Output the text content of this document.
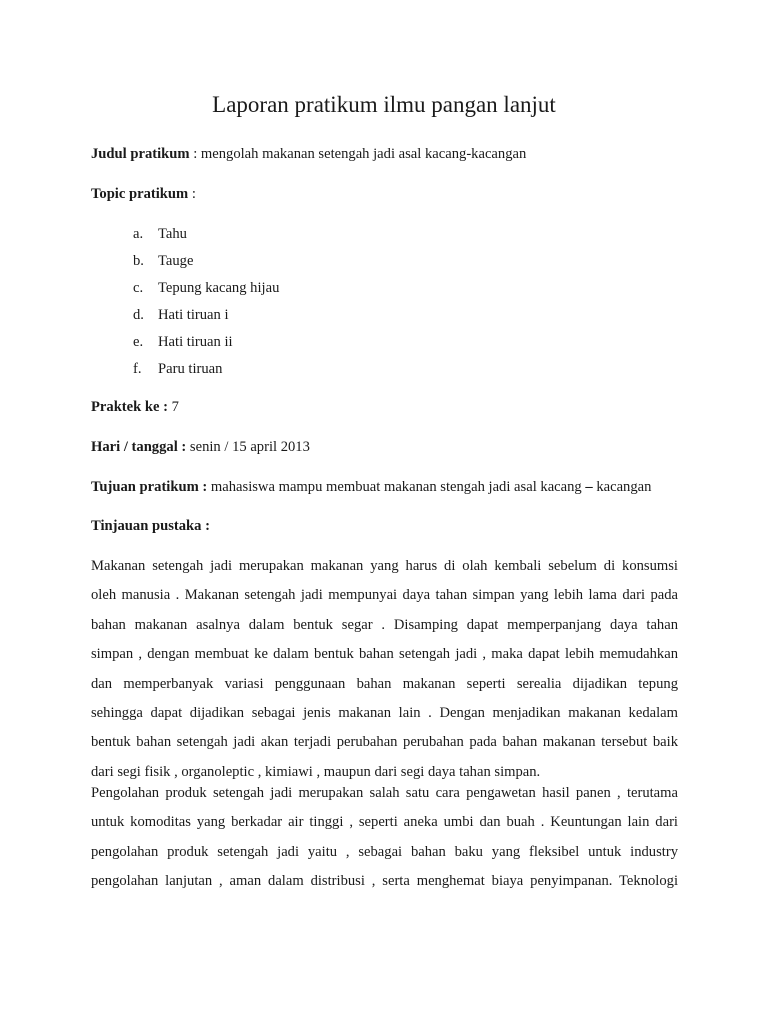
Laporan pratikum ilmu pangan lanjut

Judul pratikum : mengolah makanan setengah jadi asal kacang-kacangan

Topic pratikum :

a.	Tahu
b. Tauge
c.	Tepung kacang hijau
d. Hati tiruan i
e.	Hati tiruan ii
f.	Paru tiruan

Praktek ke : 7

Hari / tanggal : senin / 15 april 2013

Tujuan pratikum : mahasiswa mampu membuat makanan stengah jadi asal kacang – kacangan

Tinjauan pustaka :

Makanan setengah jadi merupakan makanan yang harus di olah kembali sebelum di konsumsi
oleh manusia . Makanan setengah jadi mempunyai daya tahan simpan yang lebih lama dari pada
bahan makanan asalnya dalam bentuk segar . Disamping dapat memperpanjang daya tahan
simpan , dengan membuat ke dalam bentuk bahan setengah jadi , maka dapat lebih memudahkan
dan memperbanyak variasi penggunaan bahan makanan seperti serealia dijadikan tepung
sehingga dapat dijadikan sebagai jenis makanan lain . Dengan menjadikan makanan kedalam
bentuk bahan setengah jadi akan terjadi perubahan perubahan pada bahan makanan tersebut baik
dari segi fisik , organoleptic , kimiawi , maupun dari segi daya tahan simpan.
Pengolahan produk setengah jadi merupakan salah satu cara pengawetan hasil panen , terutama
untuk komoditas yang berkadar air tinggi , seperti aneka umbi dan buah . Keuntungan lain dari
pengolahan produk setengah jadi yaitu , sebagai bahan baku yang fleksibel untuk industry
pengolahan lanjutan , aman dalam distribusi , serta menghemat biaya penyimpanan. Teknologi
